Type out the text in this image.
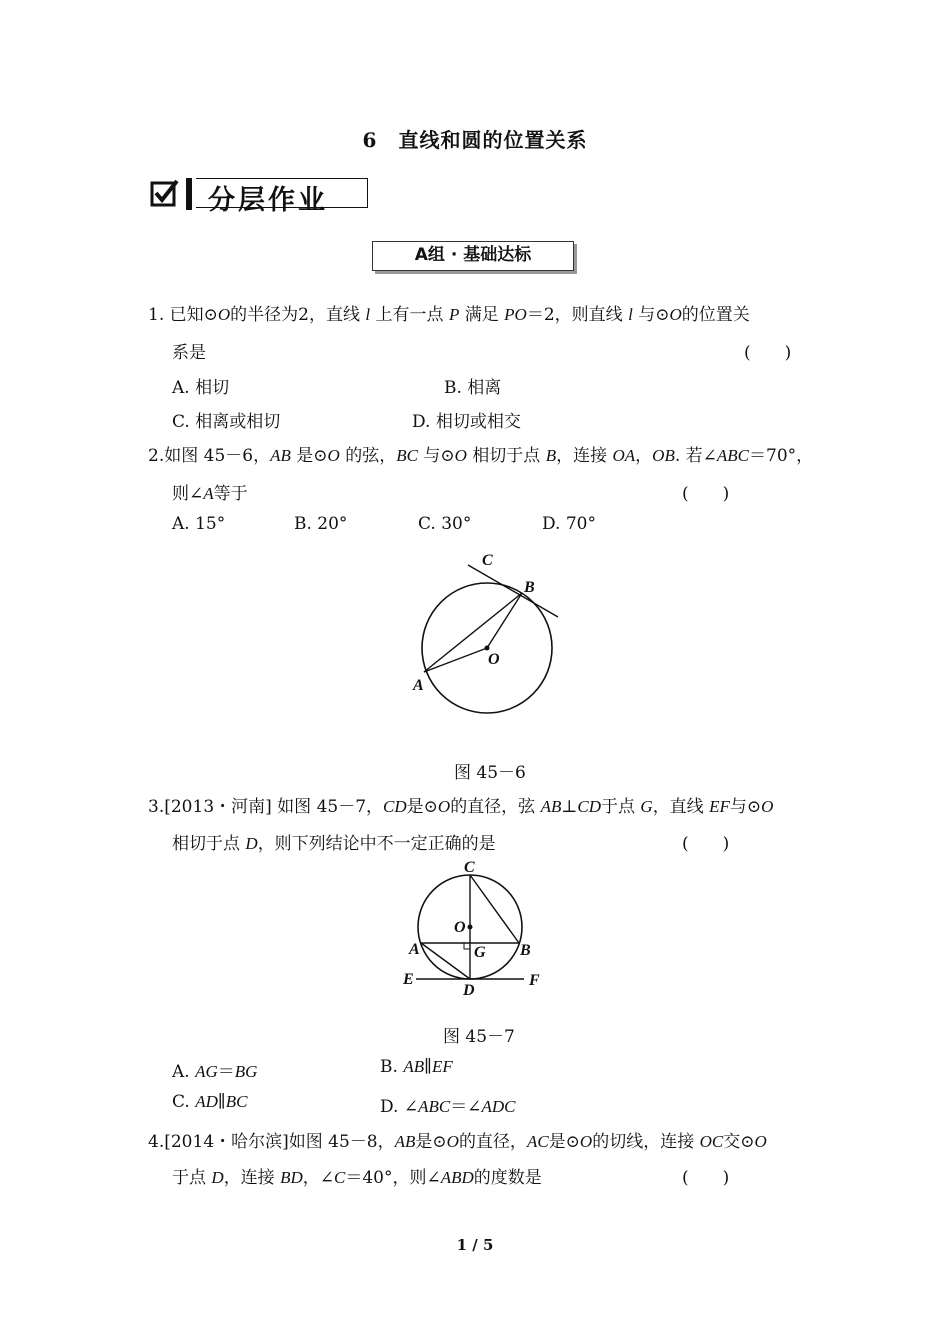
6　直线和圆的位置关系
分层作业
A组 · 基础达标
1. 已知⊙O的半径为2，直线 l 上有一点 P 满足 PO＝2，则直线 l 与⊙O的位置关
系是	(　　)
A. 相切	B. 相离
C. 相离或相切	D. 相切或相交
2.如图 45－6，AB 是⊙O 的弦，BC 与⊙O 相切于点 B，连接 OA，OB. 若∠ABC＝70°，
则∠A等于	(　　)
A. 15°	B. 20°	C. 30°	D. 70°
C
B
O
A
图 45－6
3.[2013・河南] 如图 45－7，CD是⊙O的直径，弦 AB⊥CD于点 G，直线 EF与⊙O
相切于点 D，则下列结论中不一定正确的是	(　　)
C
O
A	G B
E
D
F
图 45－7
A. AG＝BG	B. AB∥EF
C. AD∥BC	D. ∠ABC＝∠ADC
4.[2014・哈尔滨]如图 45－8，AB是⊙O的直径，AC是⊙O的切线，连接 OC交⊙O
于点 D，连接 BD，∠C＝40°，则∠ABD的度数是	(　　)
1 / 5
